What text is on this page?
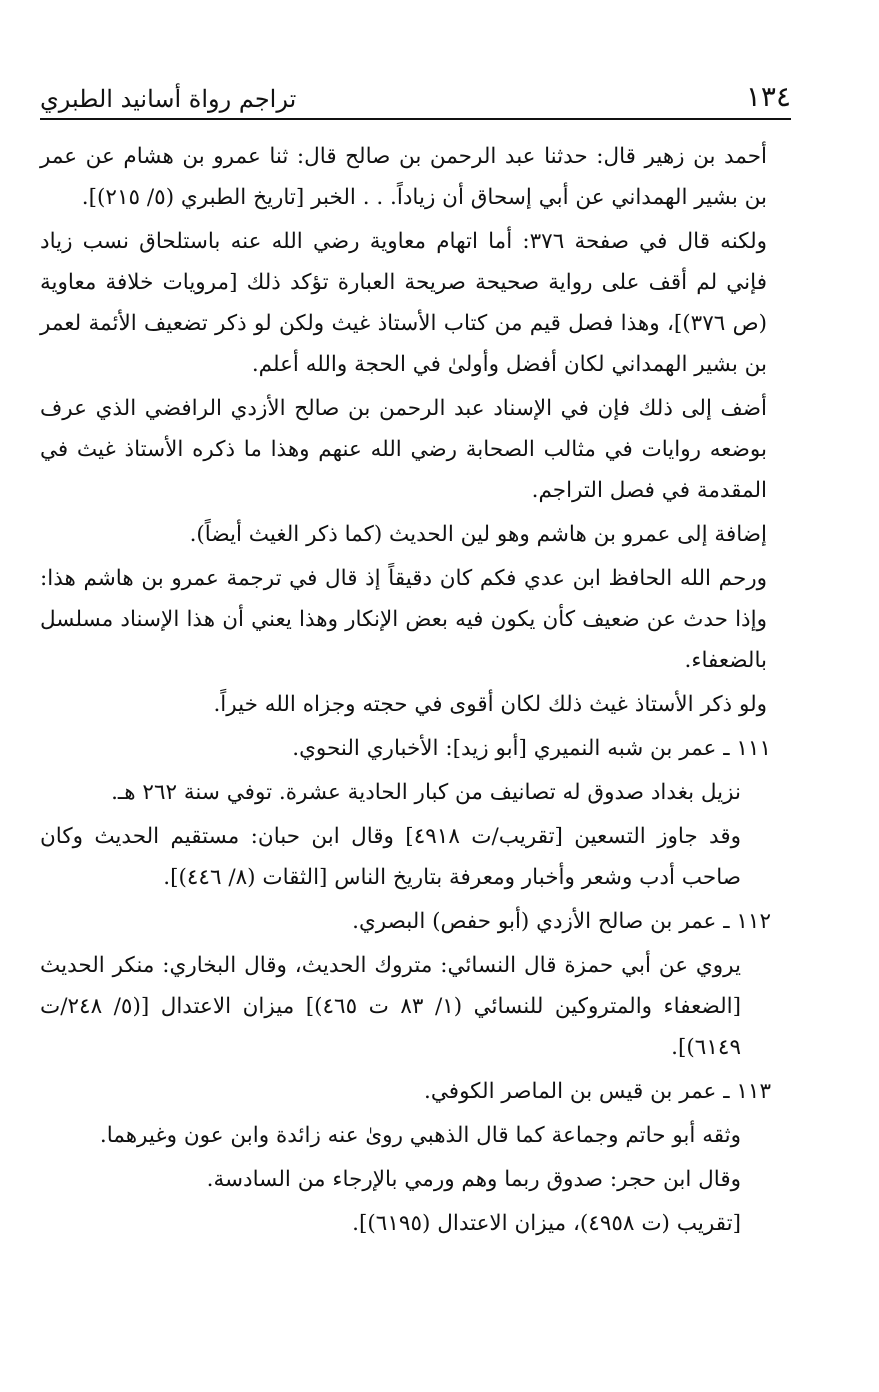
١٣٤
تراجم رواة أسانيد الطبري

أحمد بن زهير قال: حدثنا عبد الرحمن بن صالح قال: ثنا عمرو بن هشام عن عمر بن بشير الهمداني عن أبي إسحاق أن زياداً. . . الخبر [تاريخ الطبري (٥/ ٢١٥)].

ولكنه قال في صفحة ٣٧٦: أما اتهام معاوية رضي الله عنه باستلحاق نسب زياد فإني لم أقف على رواية صحيحة صريحة العبارة تؤكد ذلك [مرويات خلافة معاوية (ص ٣٧٦)]، وهذا فصل قيم من كتاب الأستاذ غيث ولكن لو ذكر تضعيف الأئمة لعمر بن بشير الهمداني لكان أفضل وأولىٰ في الحجة والله أعلم.

أضف إلى ذلك فإن في الإسناد عبد الرحمن بن صالح الأزدي الرافضي الذي عرف بوضعه روايات في مثالب الصحابة رضي الله عنهم وهذا ما ذكره الأستاذ غيث في المقدمة في فصل التراجم.

إضافة إلى عمرو بن هاشم وهو لين الحديث (كما ذكر الغيث أيضاً).

ورحم الله الحافظ ابن عدي فكم كان دقيقاً إذ قال في ترجمة عمرو بن هاشم هذا: وإذا حدث عن ضعيف كأن يكون فيه بعض الإنكار وهذا يعني أن هذا الإسناد مسلسل بالضعفاء.

ولو ذكر الأستاذ غيث ذلك لكان أقوى في حجته وجزاه الله خيراً.

١١١ ـ عمر بن شبه النميري [أبو زيد]: الأخباري النحوي.

نزيل بغداد صدوق له تصانيف من كبار الحادية عشرة. توفي سنة ٢٦٢ هـ.

وقد جاوز التسعين [تقريب/ت ٤٩١٨] وقال ابن حبان: مستقيم الحديث وكان صاحب أدب وشعر وأخبار ومعرفة بتاريخ الناس [الثقات (٨/ ٤٤٦)].

١١٢ ـ عمر بن صالح الأزدي (أبو حفص) البصري.

يروي عن أبي حمزة قال النسائي: متروك الحديث، وقال البخاري: منكر الحديث [الضعفاء والمتروكين للنسائي (١/ ٨٣ ت ٤٦٥)] ميزان الاعتدال [(٥/ ٢٤٨/ت ٦١٤٩)].

١١٣ ـ عمر بن قيس بن الماصر الكوفي.

وثقه أبو حاتم وجماعة كما قال الذهبي روىٰ عنه زائدة وابن عون وغيرهما.

وقال ابن حجر: صدوق ربما وهم ورمي بالإرجاء من السادسة.

[تقريب (ت ٤٩٥٨)، ميزان الاعتدال (٦١٩٥)].
